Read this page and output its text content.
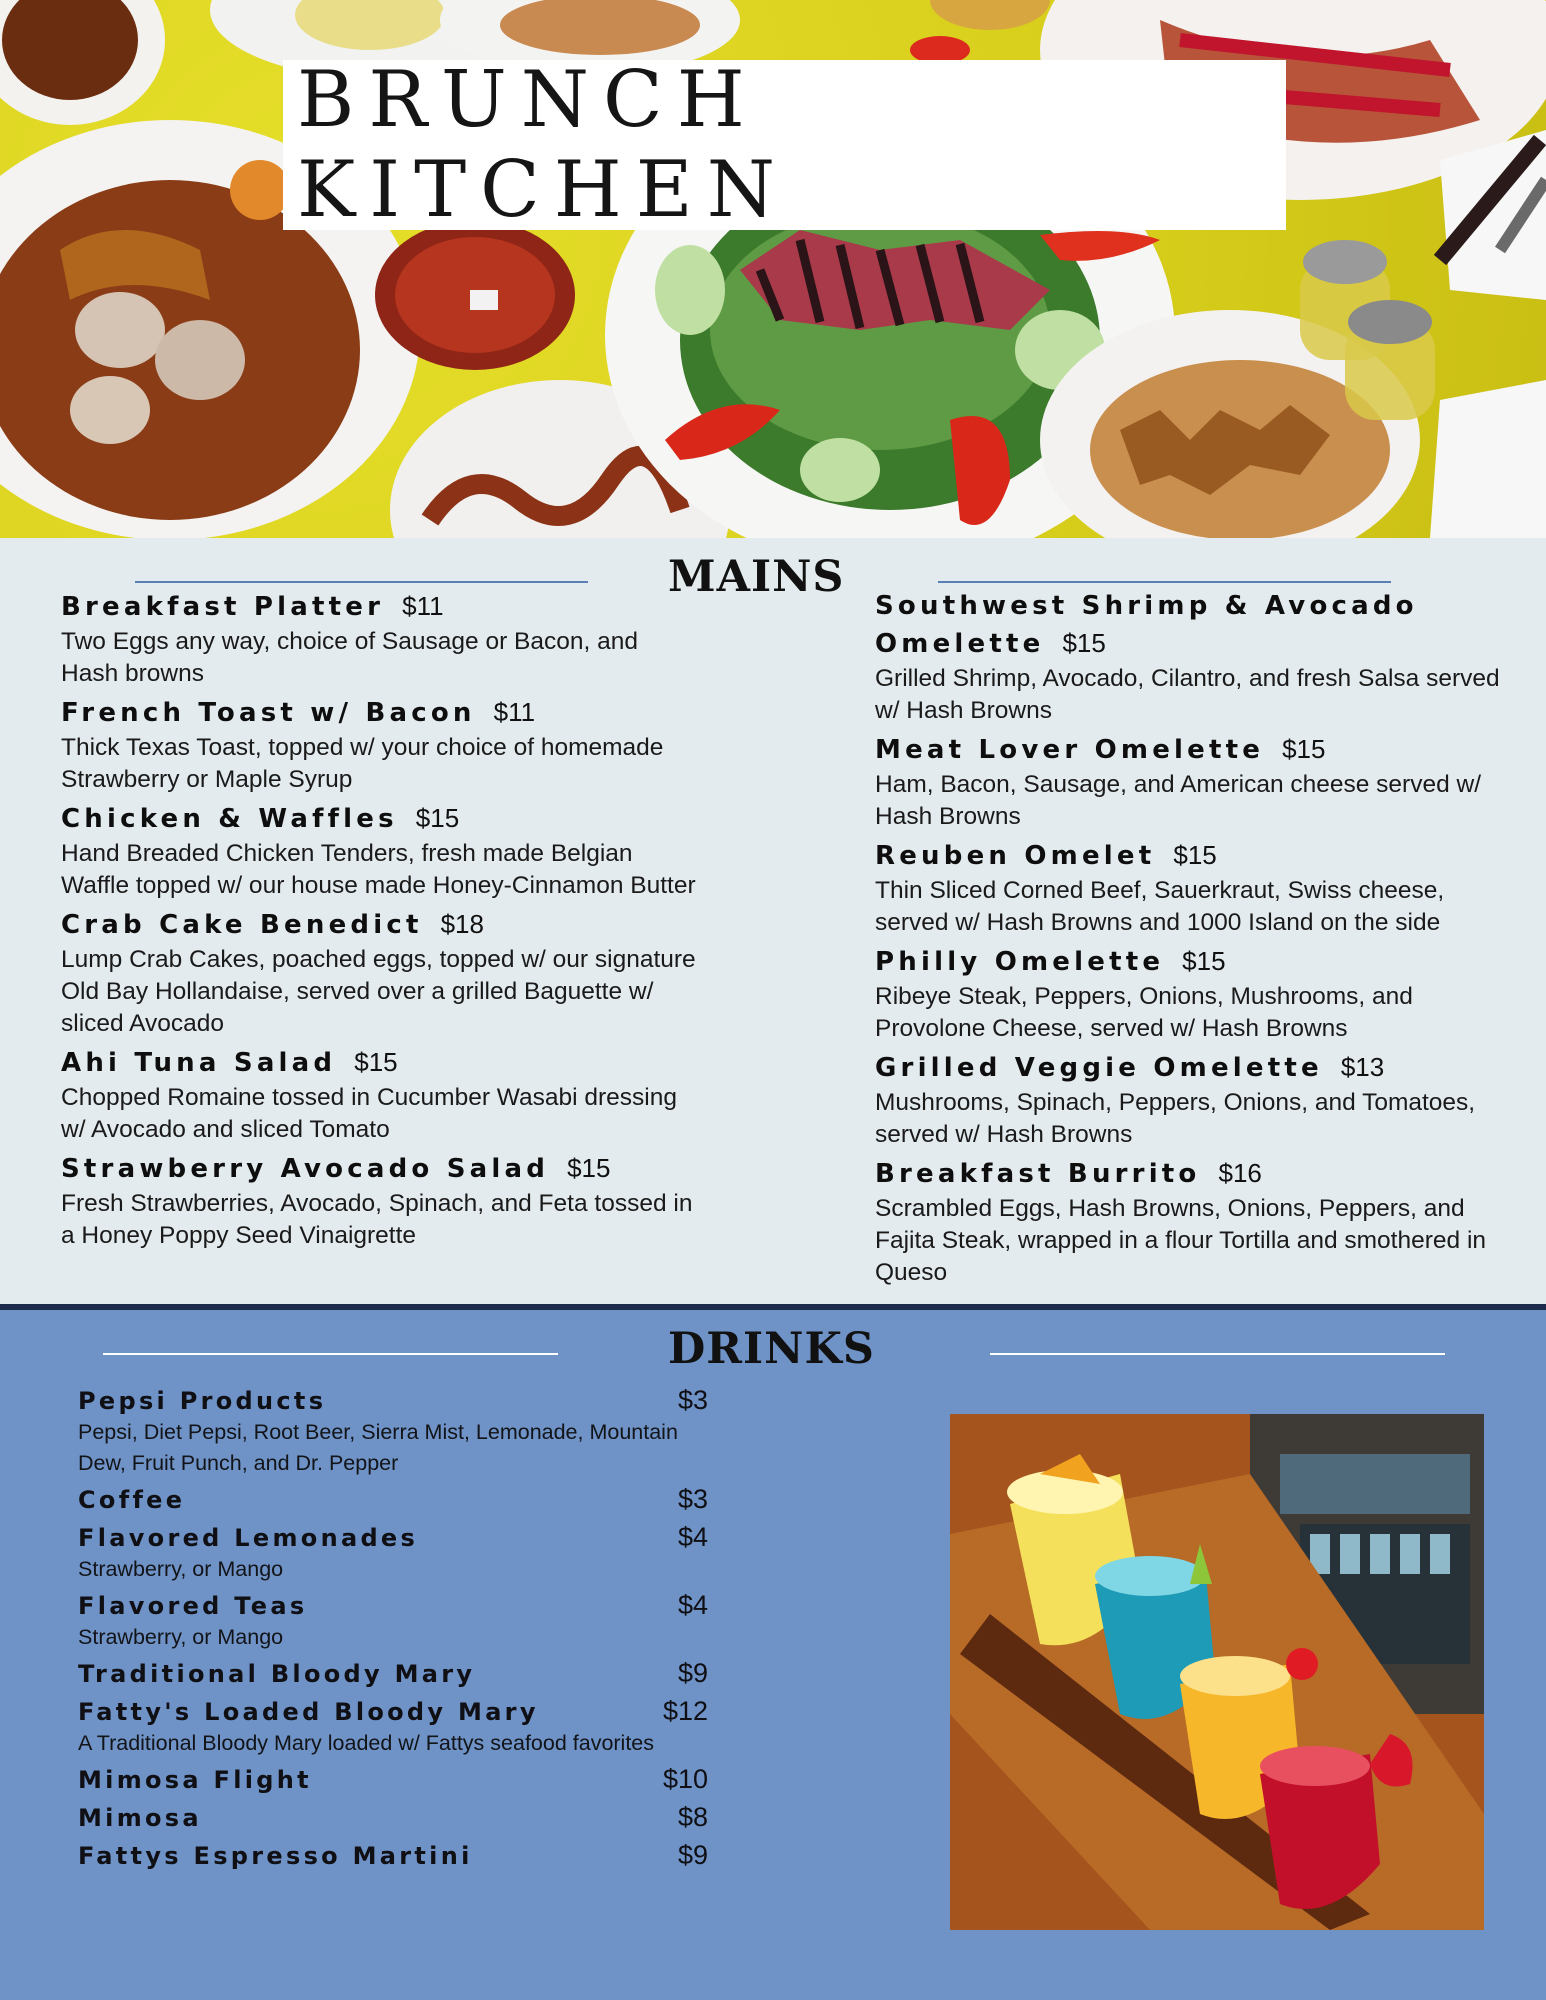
BRUNCH KITCHEN
MAINS
Breakfast Platter $11
Two Eggs any way, choice of Sausage or Bacon, and Hash browns
French Toast w/ Bacon $11
Thick Texas Toast, topped w/ your choice of homemade Strawberry or Maple Syrup
Chicken & Waffles $15
Hand Breaded Chicken Tenders, fresh made Belgian Waffle topped w/ our house made Honey-Cinnamon Butter
Crab Cake Benedict $18
Lump Crab Cakes, poached eggs, topped w/ our signature Old Bay Hollandaise, served over a grilled Baguette w/ sliced Avocado
Ahi Tuna Salad $15
Chopped Romaine tossed in Cucumber Wasabi dressing w/ Avocado and sliced Tomato
Strawberry Avocado Salad $15
Fresh Strawberries, Avocado, Spinach, and Feta tossed in a Honey Poppy Seed Vinaigrette
Southwest Shrimp & Avocado Omelette $15
Grilled Shrimp, Avocado, Cilantro, and fresh Salsa served w/ Hash Browns
Meat Lover Omelette $15
Ham, Bacon, Sausage, and American cheese served w/ Hash Browns
Reuben Omelet $15
Thin Sliced Corned Beef, Sauerkraut, Swiss cheese, served w/ Hash Browns and 1000 Island on the side
Philly Omelette $15
Ribeye Steak, Peppers, Onions, Mushrooms, and Provolone Cheese, served w/ Hash Browns
Grilled Veggie Omelette $13
Mushrooms, Spinach, Peppers, Onions, and Tomatoes, served w/ Hash Browns
Breakfast Burrito $16
Scrambled Eggs, Hash Browns, Onions, Peppers, and Fajita Steak, wrapped in a flour Tortilla and smothered in Queso
DRINKS
Pepsi Products	$3
Pepsi, Diet Pepsi, Root Beer, Sierra Mist, Lemonade, Mountain Dew, Fruit Punch, and Dr. Pepper
Coffee	$3
Flavored Lemonades	$4
Strawberry, or Mango
Flavored Teas	$4
Strawberry, or Mango
Traditional Bloody Mary	$9
Fatty's Loaded Bloody Mary	$12
A Traditional Bloody Mary loaded w/ Fattys seafood favorites
Mimosa Flight	$10
Mimosa	$8
Fattys Espresso Martini	$9
